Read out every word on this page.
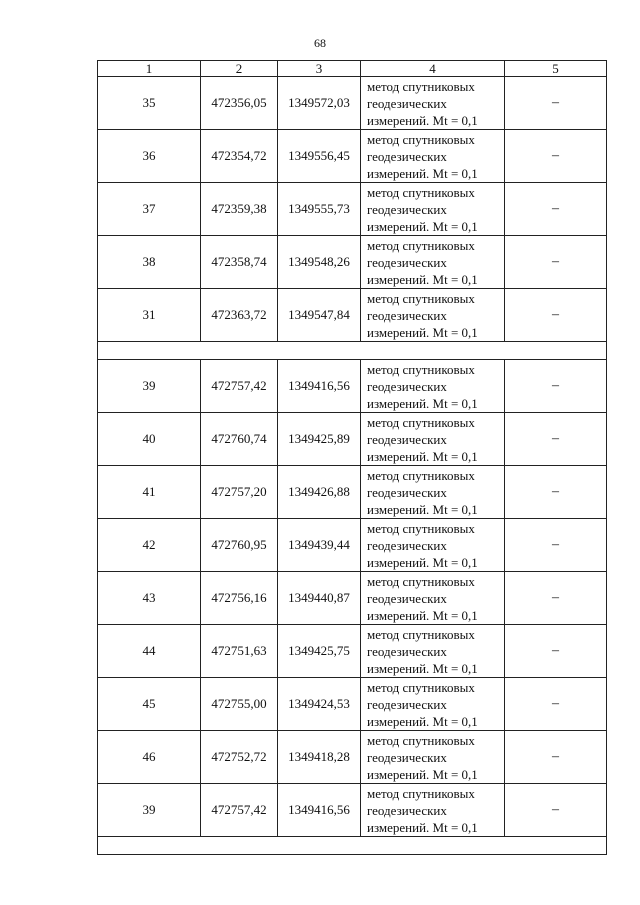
68
1	2	3	4	5
35	472356,05	1349572,03	метод спутниковых
геодезических
измерений. Mt = 0,1	–
36	472354,72	1349556,45	метод спутниковых
геодезических
измерений. Mt = 0,1	–
37	472359,38	1349555,73	метод спутниковых
геодезических
измерений. Mt = 0,1	–
38	472358,74	1349548,26	метод спутниковых
геодезических
измерений. Mt = 0,1	–
31	472363,72	1349547,84	метод спутниковых
геодезических
измерений. Mt = 0,1	–

39	472757,42	1349416,56	метод спутниковых
геодезических
измерений. Mt = 0,1	–
40	472760,74	1349425,89	метод спутниковых
геодезических
измерений. Mt = 0,1	–
41	472757,20	1349426,88	метод спутниковых
геодезических
измерений. Mt = 0,1	–
42	472760,95	1349439,44	метод спутниковых
геодезических
измерений. Mt = 0,1	–
43	472756,16	1349440,87	метод спутниковых
геодезических
измерений. Mt = 0,1	–
44	472751,63	1349425,75	метод спутниковых
геодезических
измерений. Mt = 0,1	–
45	472755,00	1349424,53	метод спутниковых
геодезических
измерений. Mt = 0,1	–
46	472752,72	1349418,28	метод спутниковых
геодезических
измерений. Mt = 0,1	–
39	472757,42	1349416,56	метод спутниковых
геодезических
измерений. Mt = 0,1	–
